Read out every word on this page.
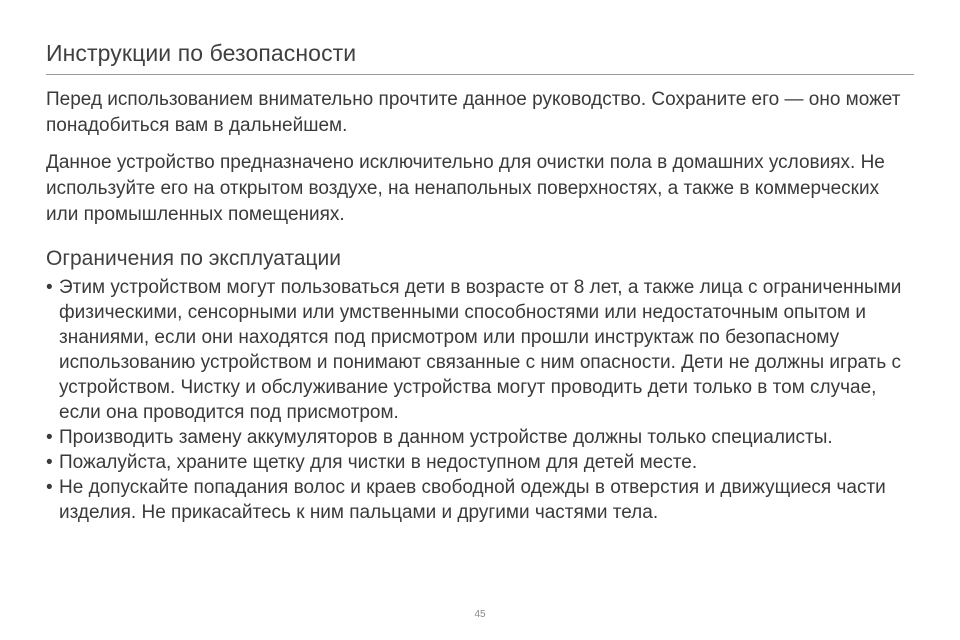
Инструкции по безопасности

Перед использованием внимательно прочтите данное руководство. Сохраните его — оно может понадобиться вам в дальнейшем.

Данное устройство предназначено исключительно для очистки пола в домашних условиях. Не используйте его на открытом воздухе, на ненапольных поверхностях, а также в коммерческих или промышленных помещениях.

Ограничения по эксплуатации
• Этим устройством могут пользоваться дети в возрасте от 8 лет, а также лица с ограниченными физическими, сенсорными или умственными способностями или недостаточным опытом и знаниями, если они находятся под присмотром или прошли инструктаж по безопасному использованию устройством и понимают связанные с ним опасности. Дети не должны играть с устройством. Чистку и обслуживание устройства могут проводить дети только в том случае, если она проводится под присмотром.
• Производить замену аккумуляторов в данном устройстве должны только специалисты.
• Пожалуйста, храните щетку для чистки в недоступном для детей месте.
• Не допускайте попадания волос и краев свободной одежды в отверстия и движущиеся части изделия. Не прикасайтесь к ним пальцами и другими частями тела.
45
